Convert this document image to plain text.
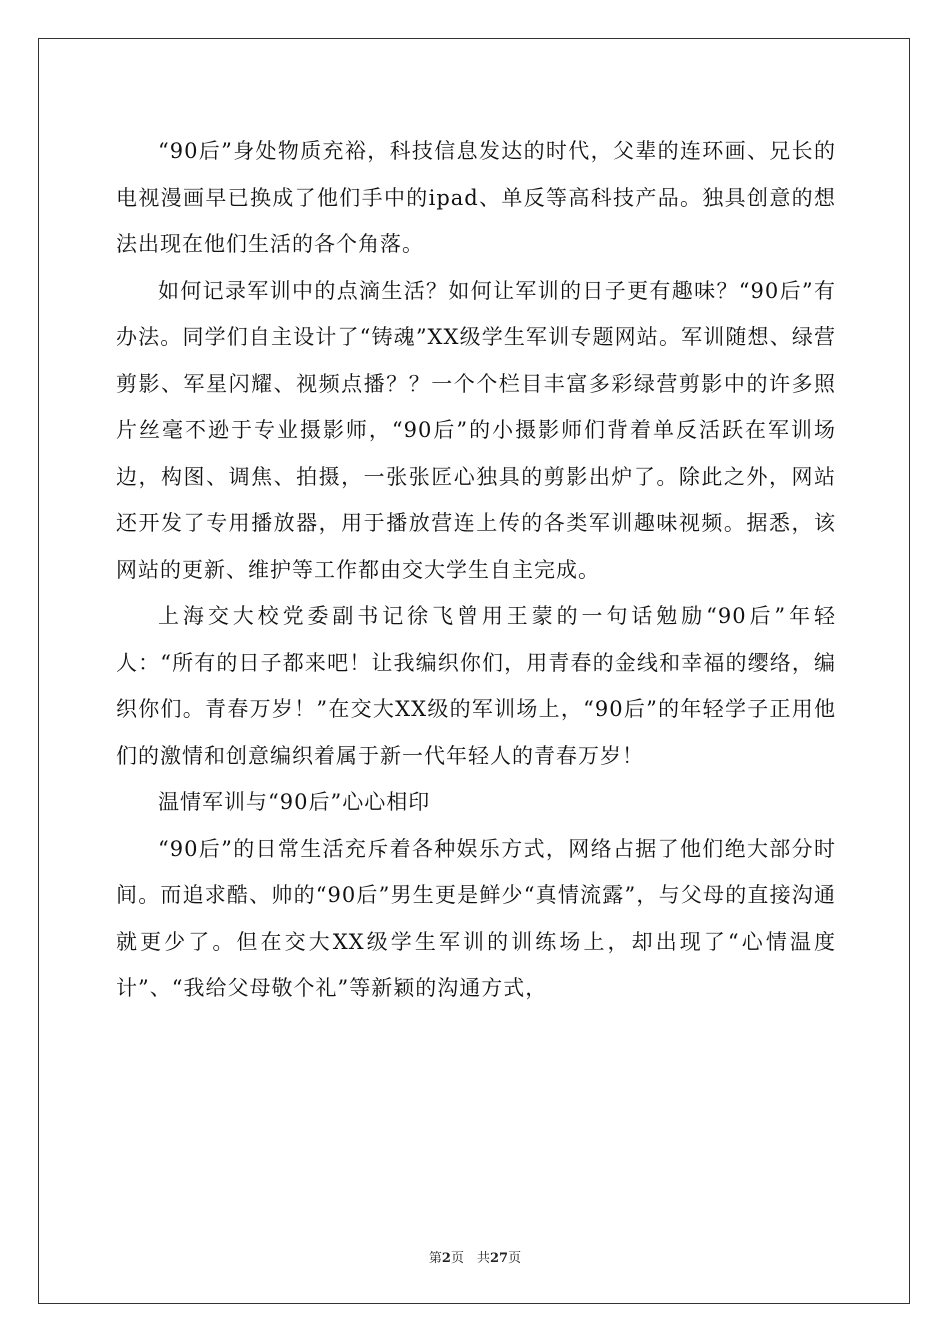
“90后”身处物质充裕，科技信息发达的时代，父辈的连环画、兄长的电视漫画早已换成了他们手中的ipad、单反等高科技产品。独具创意的想法出现在他们生活的各个角落。

如何记录军训中的点滴生活？如何让军训的日子更有趣味？“90后”有办法。同学们自主设计了“铸魂”XX级学生军训专题网站。军训随想、绿营剪影、军星闪耀、视频点播？？一个个栏目丰富多彩绿营剪影中的许多照片丝毫不逊于专业摄影师，“90后”的小摄影师们背着单反活跃在军训场边，构图、调焦、拍摄，一张张匠心独具的剪影出炉了。除此之外，网站还开发了专用播放器，用于播放营连上传的各类军训趣味视频。据悉，该网站的更新、维护等工作都由交大学生自主完成。

上海交大校党委副书记徐飞曾用王蒙的一句话勉励“90后”年轻人：“所有的日子都来吧！让我编织你们，用青春的金线和幸福的缨络，编织你们。青春万岁！”在交大XX级的军训场上，“90后”的年轻学子正用他们的激情和创意编织着属于新一代年轻人的青春万岁！

温情军训与“90后”心心相印

“90后”的日常生活充斥着各种娱乐方式，网络占据了他们绝大部分时间。而追求酷、帅的“90后”男生更是鲜少“真情流露”，与父母的直接沟通就更少了。但在交大XX级学生军训的训练场上，却出现了“心情温度计”、“我给父母敬个礼”等新颖的沟通方式，

第2页　共27页
